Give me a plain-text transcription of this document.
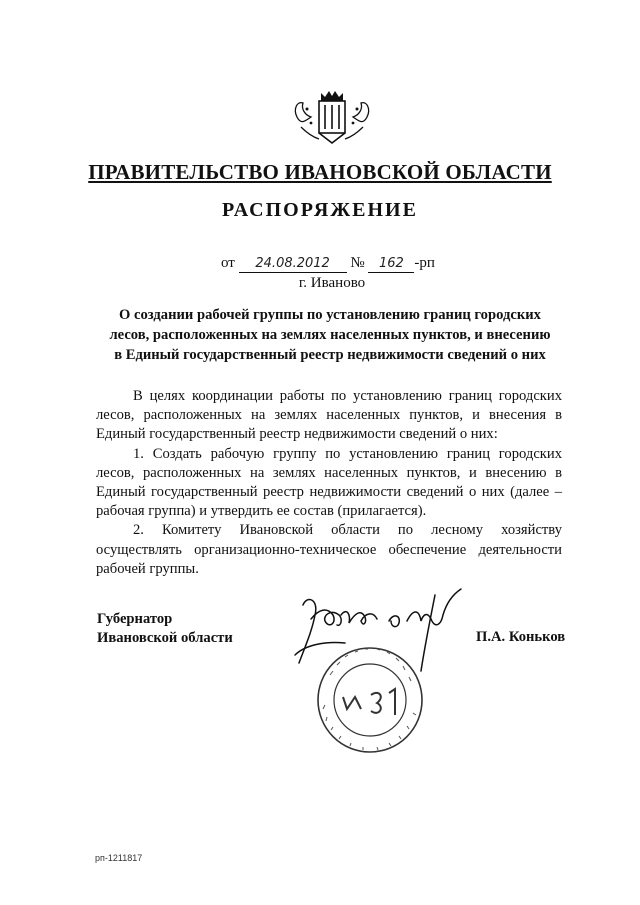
ПРАВИТЕЛЬСТВО ИВАНОВСКОЙ ОБЛАСТИ
РАСПОРЯЖЕНИЕ
от 24.08.2012 № 162 -рп
г. Иваново
О создании рабочей группы по установлению границ городских
лесов, расположенных на землях населенных пунктов, и внесению
в Единый государственный реестр недвижимости сведений о них

В целях координации работы по установлению границ городских лесов, расположенных на землях населенных пунктов, и внесения в Единый государственный реестр недвижимости сведений о них:

1. Создать рабочую группу по установлению границ городских лесов, расположенных на землях населенных пунктов, и внесению в Единый государственный реестр недвижимости сведений о них (далее – рабочая группа) и утвердить ее состав (прилагается).

2. Комитету Ивановской области по лесному хозяйству осуществлять организационно-техническое обеспечение деятельности рабочей группы.

Губернатор
Ивановской области	П.А. Коньков
рп-1211817
